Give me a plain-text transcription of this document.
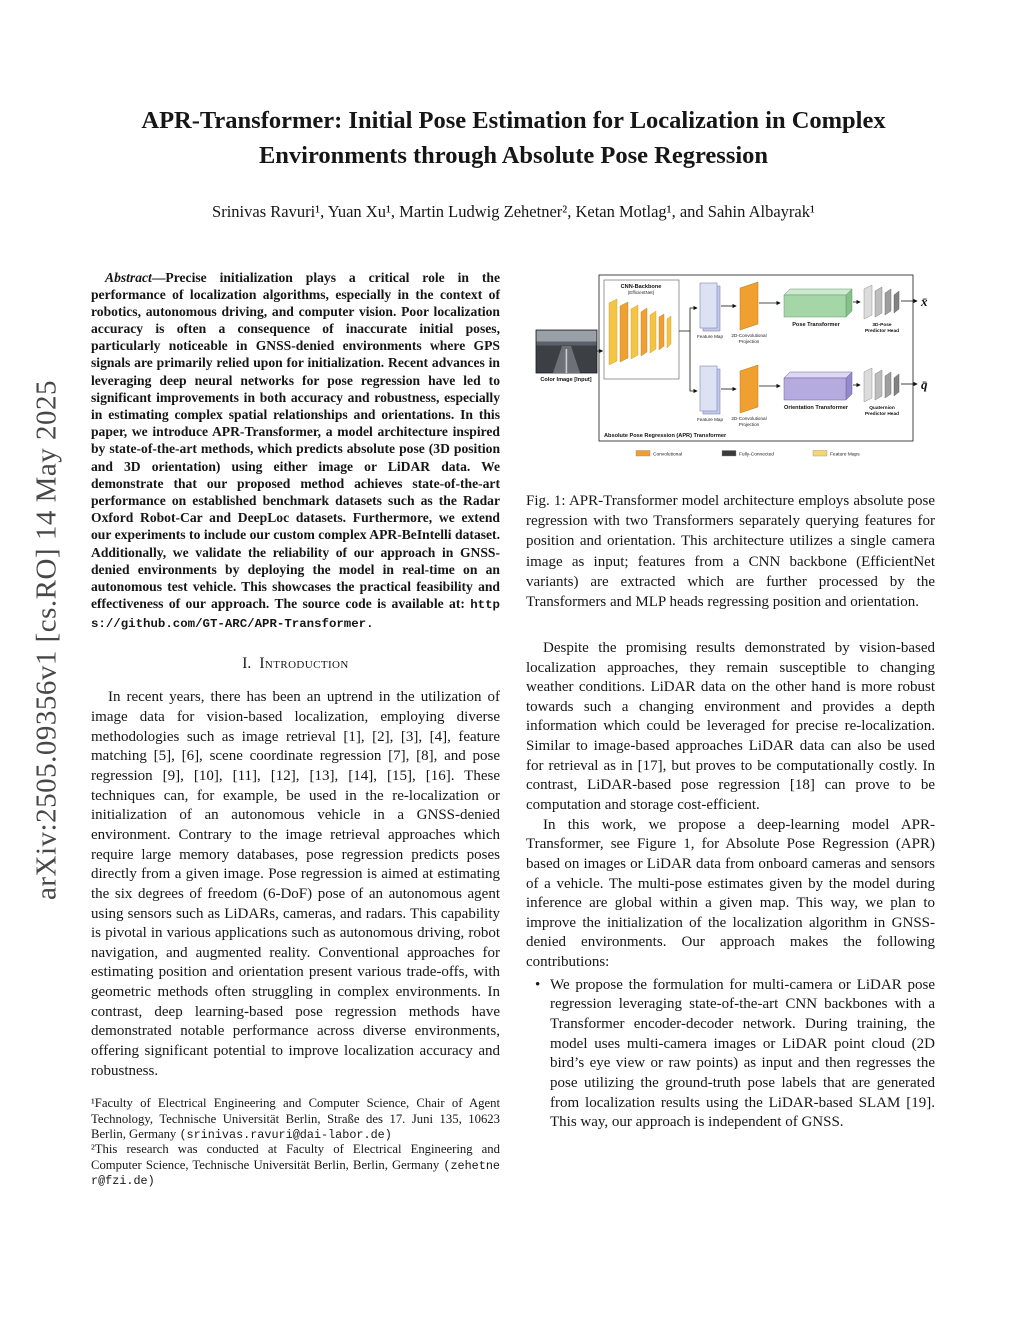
arXiv:2505.09356v1 [cs.RO] 14 May 2025
APR-Transformer: Initial Pose Estimation for Localization in Complex Environments through Absolute Pose Regression
Srinivas Ravuri¹, Yuan Xu¹, Martin Ludwig Zehetner², Ketan Motlag¹, and Sahin Albayrak¹

Abstract—Precise initialization plays a critical role in the performance of localization algorithms, especially in the context of robotics, autonomous driving, and computer vision. Poor localization accuracy is often a consequence of inaccurate initial poses, particularly noticeable in GNSS-denied environments where GPS signals are primarily relied upon for initialization. Recent advances in leveraging deep neural networks for pose regression have led to significant improvements in both accuracy and robustness, especially in estimating complex spatial relationships and orientations. In this paper, we introduce APR-Transformer, a model architecture inspired by state-of-the-art methods, which predicts absolute pose (3D position and 3D orientation) using either image or LiDAR data. We demonstrate that our proposed method achieves state-of-the-art performance on established benchmark datasets such as the Radar Oxford Robot-Car and DeepLoc datasets. Furthermore, we extend our experiments to include our custom complex APR-BeIntelli dataset. Additionally, we validate the reliability of our approach in GNSS-denied environments by deploying the model in real-time on an autonomous test vehicle. This showcases the practical feasibility and effectiveness of our approach. The source code is available at: https://github.com/GT-ARC/APR-Transformer.

I. Introduction

In recent years, there has been an uptrend in the utilization of image data for vision-based localization, employing diverse methodologies such as image retrieval [1], [2], [3], [4], feature matching [5], [6], scene coordinate regression [7], [8], and pose regression [9], [10], [11], [12], [13], [14], [15], [16]. These techniques can, for example, be used in the re-localization or initialization of an autonomous vehicle in a GNSS-denied environment. Contrary to the image retrieval approaches which require large memory databases, pose regression predicts poses directly from a given image. Pose regression is aimed at estimating the six degrees of freedom (6-DoF) pose of an autonomous agent using sensors such as LiDARs, cameras, and radars. This capability is pivotal in various applications such as autonomous driving, robot navigation, and augmented reality. Conventional approaches for estimating position and orientation present various trade-offs, with geometric methods often struggling in complex environments. In contrast, deep learning-based pose regression methods have demonstrated notable performance across diverse environments, offering significant potential to improve localization accuracy and robustness.

¹Faculty of Electrical Engineering and Computer Science, Chair of Agent Technology, Technische Universität Berlin, Straße des 17. Juni 135, 10623 Berlin, Germany (srinivas.ravuri@dai-labor.de)

²This research was conducted at Faculty of Electrical Engineering and Computer Science, Technische Universität Berlin, Berlin, Germany (zehetner@fzi.de)

Color Image [Input]
CNN-Backbone
(EfficientNet)
Feature Map 2D-Convolutional
Projection
Pose Transformer	3D-Pose
Predictor Head
x̄
Feature Map 2D-Convolutional
Projection
Orientation Transformer	Quaternion
Predictor Head
q̄
Absolute Pose Regression (APR) Transformer
Convolutional	Fully-Connected	Feature Maps

Fig. 1: APR-Transformer model architecture employs absolute pose regression with two Transformers separately querying features for position and orientation. This architecture utilizes a single camera image as input; features from a CNN backbone (EfficientNet variants) are extracted which are further processed by the Transformers and MLP heads regressing position and orientation.

Despite the promising results demonstrated by vision-based localization approaches, they remain susceptible to changing weather conditions. LiDAR data on the other hand is more robust towards such a changing environment and provides a depth information which could be leveraged for precise re-localization. Similar to image-based approaches LiDAR data can also be used for retrieval as in [17], but proves to be computationally costly. In contrast, LiDAR-based pose regression [18] can prove to be computation and storage cost-efficient.

In this work, we propose a deep-learning model APR-Transformer, see Figure 1, for Absolute Pose Regression (APR) based on images or LiDAR data from onboard cameras and sensors of a vehicle. The multi-pose estimates given by the model during inference are global within a given map. This way, we plan to improve the initialization of the localization algorithm in GNSS-denied environments. Our approach makes the following contributions:

• We propose the formulation for multi-camera or LiDAR pose regression leveraging state-of-the-art CNN backbones with a Transformer encoder-decoder network. During training, the model uses multi-camera images or LiDAR point cloud (2D bird’s eye view or raw points) as input and then regresses the pose utilizing the ground-truth pose labels that are generated from localization results using the LiDAR-based SLAM [19]. This way, our approach is independent of GNSS.
